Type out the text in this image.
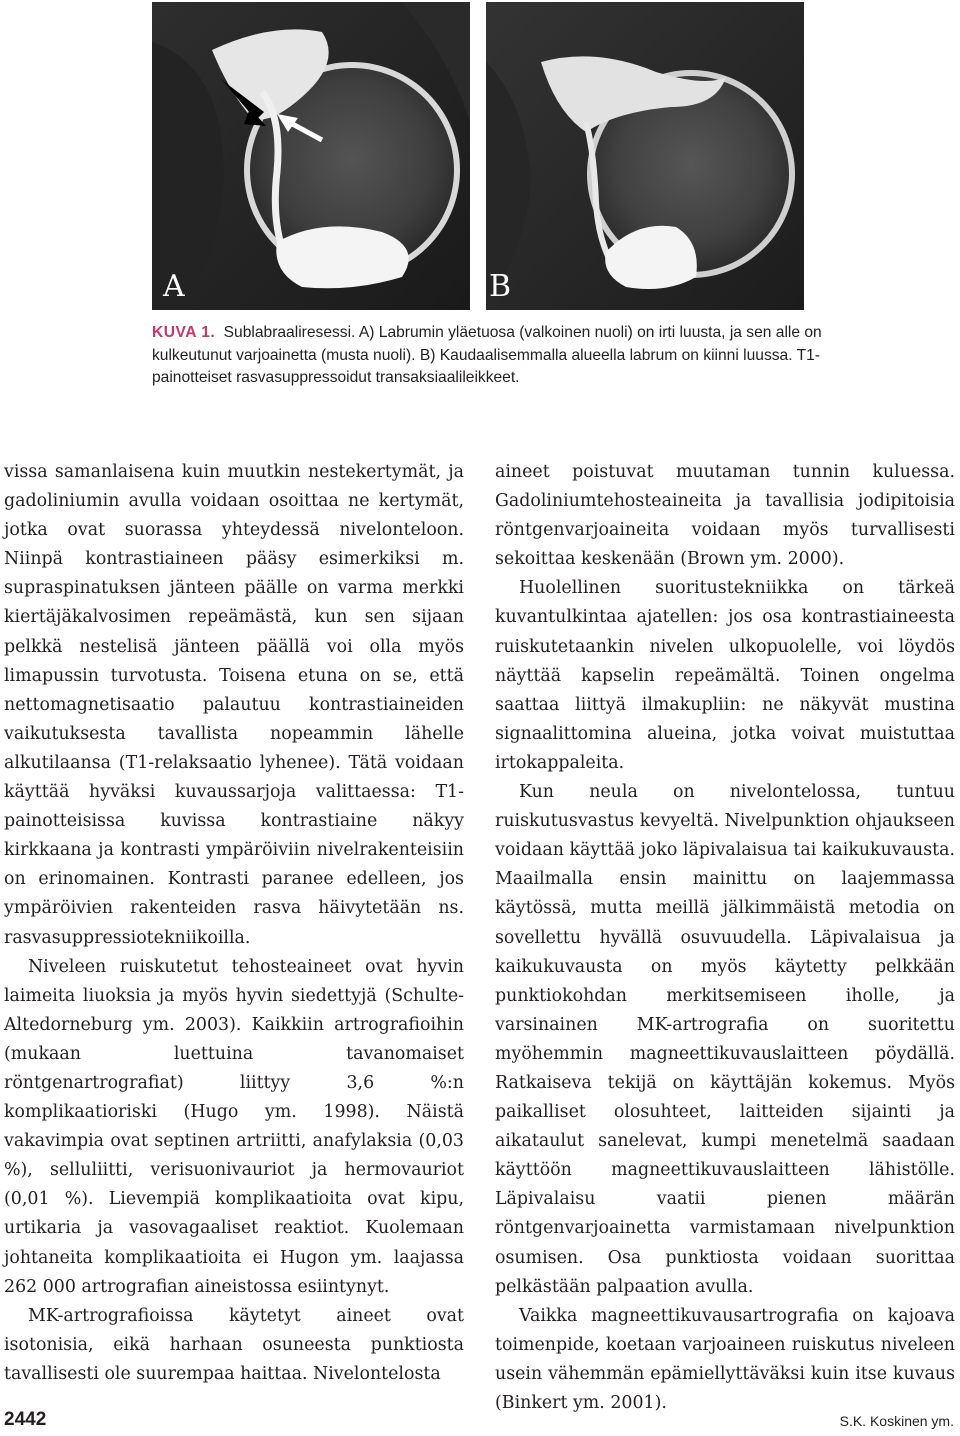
A	B
KUVA 1. Sublabraaliresessi. A) Labrumin yläetuosa (valkoinen nuoli) on irti luusta, ja sen alle on kulkeutunut varjoainetta (musta nuoli). B) Kaudaalisemmalla alueella labrum on kiinni luussa. T1-painotteiset rasvasuppressoidut transaksiaalileikkeet.

vissa samanlaisena kuin muutkin nestekertymät, ja gadoliniumin avulla voidaan osoittaa ne kertymät, jotka ovat suorassa yhteydessä nivelonteloon. Niinpä kontrastiaineen pääsy esimerkiksi m. supraspinatuksen jänteen päälle on varma merkki kiertäjäkalvosimen repeämästä, kun sen sijaan pelkkä nestelisä jänteen päällä voi olla myös limapussin turvotusta. Toisena etuna on se, että nettomagnetisaatio palautuu kontrastiaineiden vaikutuksesta tavallista nopeammin lähelle alkutilaansa (T1-relaksaatio lyhenee). Tätä voidaan käyttää hyväksi kuvaussarjoja valittaessa: T1-painotteisissa kuvissa kontrastiaine näkyy kirkkaana ja kontrasti ympäröiviin nivelrakenteisiin on erinomainen. Kontrasti paranee edelleen, jos ympäröivien rakenteiden rasva häivytetään ns. rasvasuppressiotekniikoilla.

Niveleen ruiskutetut tehosteaineet ovat hyvin laimeita liuoksia ja myös hyvin siedettyjä (Schulte-Altedorneburg ym. 2003). Kaikkiin artrografioihin (mukaan luettuina tavanomaiset röntgenartrografiat) liittyy 3,6 %:n komplikaatioriski (Hugo ym. 1998). Näistä vakavimpia ovat septinen artriitti, anafylaksia (0,03 %), selluliitti, verisuonivauriot ja hermovauriot (0,01 %). Lievempiä komplikaatioita ovat kipu, urtikaria ja vasovagaaliset reaktiot. Kuolemaan johtaneita komplikaatioita ei Hugon ym. laajassa 262 000 artrografian aineistossa esiintynyt.

MK-artrografioissa käytetyt aineet ovat isotonisia, eikä harhaan osuneesta punktiosta tavallisesti ole suurempaa haittaa. Nivelontelosta

aineet poistuvat muutaman tunnin kuluessa. Gadoliniumtehosteaineita ja tavallisia jodipitoisia röntgenvarjoaineita voidaan myös turvallisesti sekoittaa keskenään (Brown ym. 2000).

Huolellinen suoritustekniikka on tärkeä kuvantulkintaa ajatellen: jos osa kontrastiaineesta ruiskutetaankin nivelen ulkopuolelle, voi löydös näyttää kapselin repeämältä. Toinen ongelma saattaa liittyä ilmakupliin: ne näkyvät mustina signaalittomina alueina, jotka voivat muistuttaa irtokappaleita.

Kun neula on nivelontelossa, tuntuu ruiskutusvastus kevyeltä. Nivelpunktion ohjaukseen voidaan käyttää joko läpivalaisua tai kaikukuvausta. Maailmalla ensin mainittu on laajemmassa käytössä, mutta meillä jälkimmäistä metodia on sovellettu hyvällä osuvuudella. Läpivalaisua ja kaikukuvausta on myös käytetty pelkkään punktiokohdan merkitsemiseen iholle, ja varsinainen MK-artrografia on suoritettu myöhemmin magneettikuvauslaitteen pöydällä. Ratkaiseva tekijä on käyttäjän kokemus. Myös paikalliset olosuhteet, laitteiden sijainti ja aikataulut sanelevat, kumpi menetelmä saadaan käyttöön magneettikuvauslaitteen lähistölle. Läpivalaisu vaatii pienen määrän röntgenvarjoainetta varmistamaan nivelpunktion osumisen. Osa punktiosta voidaan suorittaa pelkästään palpaation avulla.

Vaikka magneettikuvausartrografia on kajoava toimenpide, koetaan varjoaineen ruiskutus niveleen usein vähemmän epämiellyttäväksi kuin itse kuvaus (Binkert ym. 2001).

2442	S.K. Koskinen ym.
